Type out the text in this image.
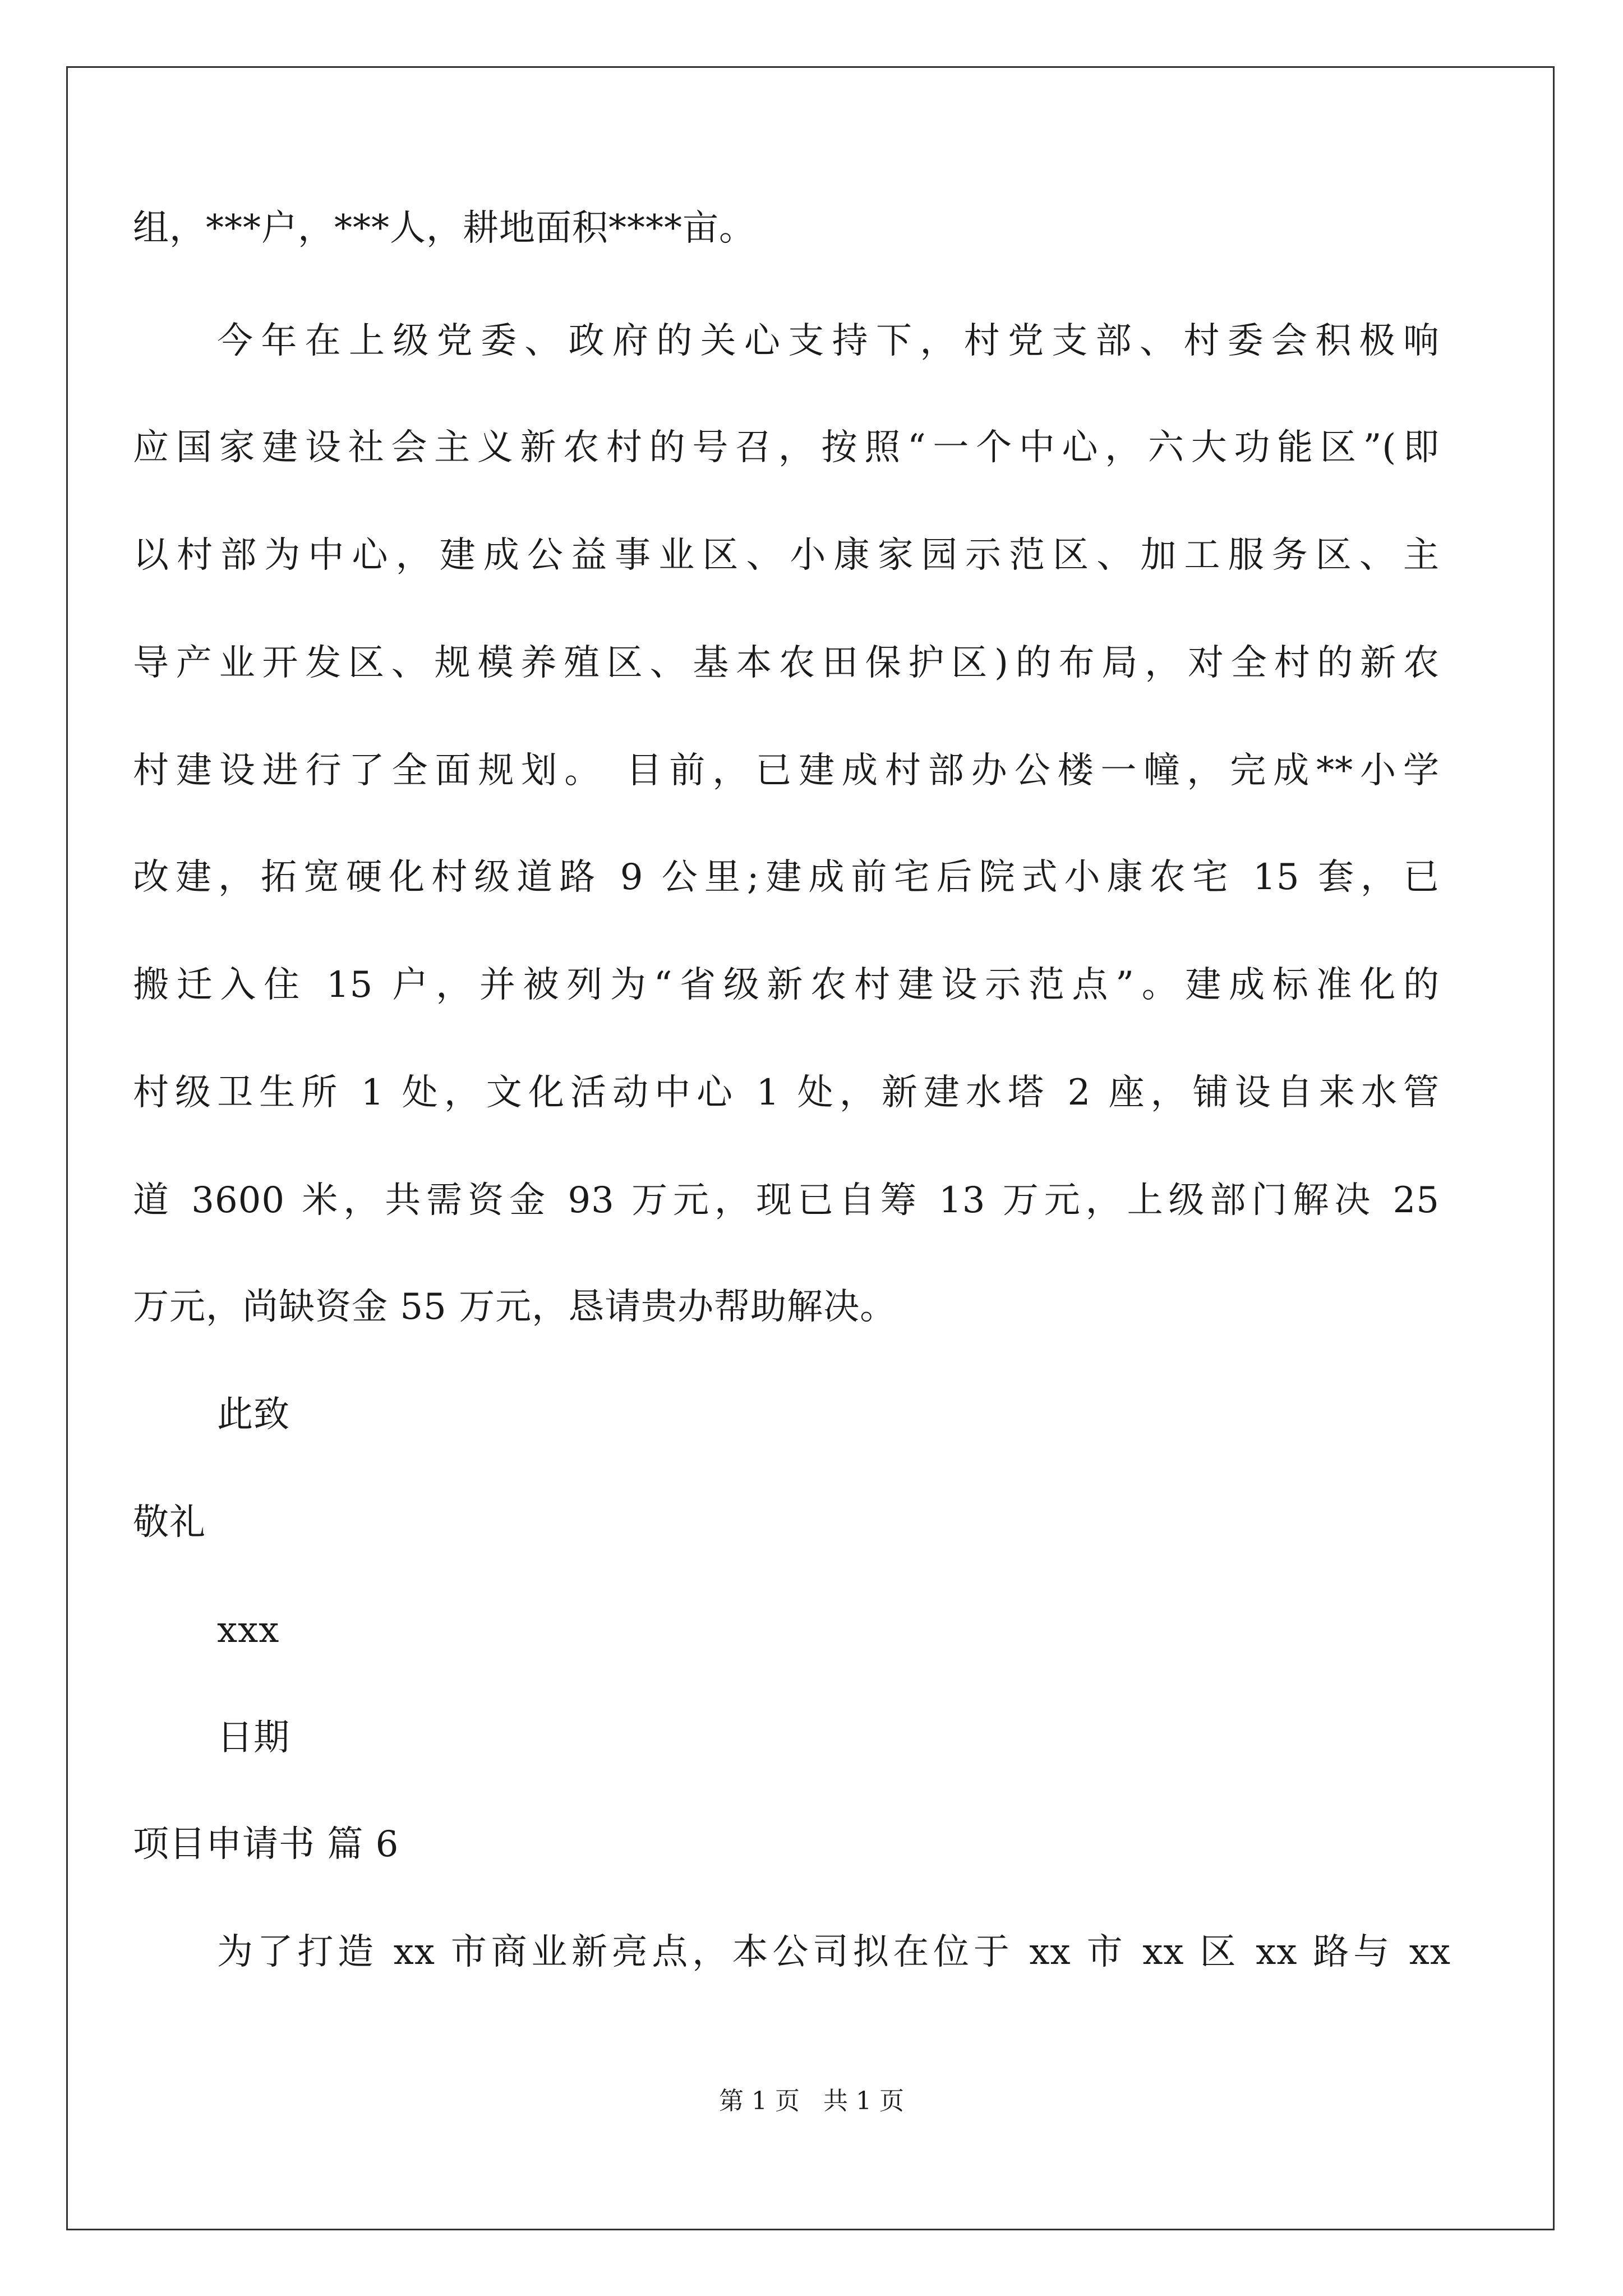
组，***户，***人，耕地面积****亩。
今年在上级党委、政府的关心支持下，村党支部、村委会积极响
应国家建设社会主义新农村的号召，按照“一个中心，六大功能区”(即
以村部为中心，建成公益事业区、小康家园示范区、加工服务区、主
导产业开发区、规模养殖区、基本农田保护区)的布局，对全村的新农
村建设进行了全面规划。 目前，已建成村部办公楼一幢，完成**小学
改建，拓宽硬化村级道路 9 公里;建成前宅后院式小康农宅 15 套，已
搬迁入住 15 户，并被列为“省级新农村建设示范点”。建成标准化的
村级卫生所 1 处，文化活动中心 1 处，新建水塔 2 座，铺设自来水管
道 3600 米，共需资金 93 万元，现已自筹 13 万元，上级部门解决 25
万元，尚缺资金 55 万元，恳请贵办帮助解决。
此致
敬礼
xxx
日期
项目申请书 篇 6
为了打造 xx 市商业新亮点，本公司拟在位于 xx 市 xx 区 xx 路与 xx
第 1 页   共 1 页
